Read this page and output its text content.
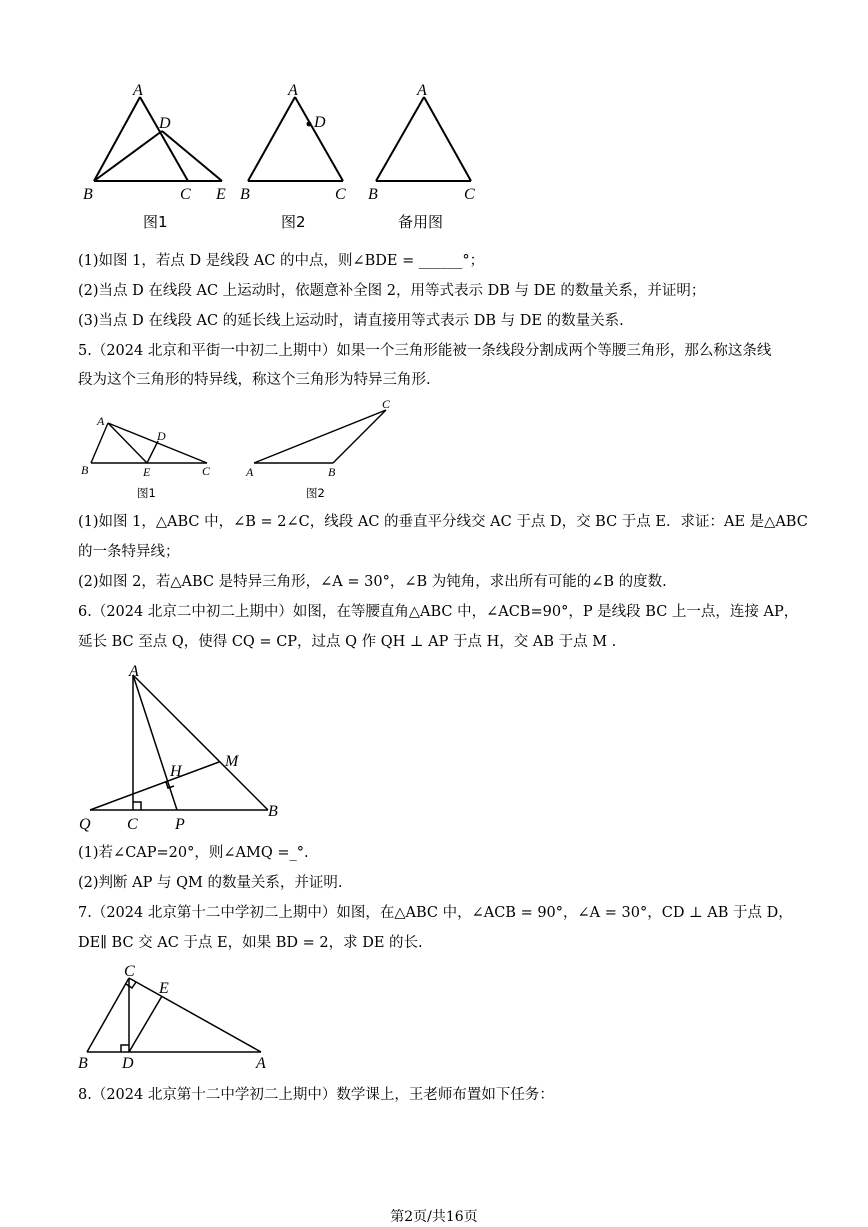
A
D
B	C E
图1
A
D
B	C
图2
A
B	C
备用图
(1)如图 1，若点 D 是线段 AC 的中点，则∠BDE = ______°；
(2)当点 D 在线段 AC 上运动时，依题意补全图 2，用等式表示 DB 与 DE 的数量关系，并证明；
(3)当点 D 在线段 AC 的延长线上运动时，请直接用等式表示 DB 与 DE 的数量关系.
5.（2024 北京和平街一中初二上期中）如果一个三角形能被一条线段分割成两个等腰三角形，那么称这条线
段为这个三角形的特异线，称这个三角形为特异三角形.
A
D
B	E	C
图1
A	B
C
图2
(1)如图 1，△ABC 中，∠B = 2∠C，线段 AC 的垂直平分线交 AC 于点 D，交 BC 于点 E．求证：AE 是△ABC
的一条特异线；
(2)如图 2，若△ABC 是特异三角形，∠A = 30°，∠B 为钝角，求出所有可能的∠B 的度数.
6.（2024 北京二中初二上期中）如图，在等腰直角△ABC 中，∠ACB=90°，P 是线段 BC 上一点，连接 AP，
延长 BC 至点 Q，使得 CQ = CP，过点 Q 作 QH ⊥ AP 于点 H，交 AB 于点 M .
A
H
M
Q C P
B
(1)若∠CAP=20°，则∠AMQ =_°.
(2)判断 AP 与 QM 的数量关系，并证明.
7.（2024 北京第十二中学初二上期中）如图，在△ABC 中，∠ACB = 90°，∠A = 30°，CD ⊥ AB 于点 D，
DE∥ BC 交 AC 于点 E，如果 BD = 2，求 DE 的长.
C
E
B D	A
8.（2024 北京第十二中学初二上期中）数学课上，王老师布置如下任务：
第2页/共16页
